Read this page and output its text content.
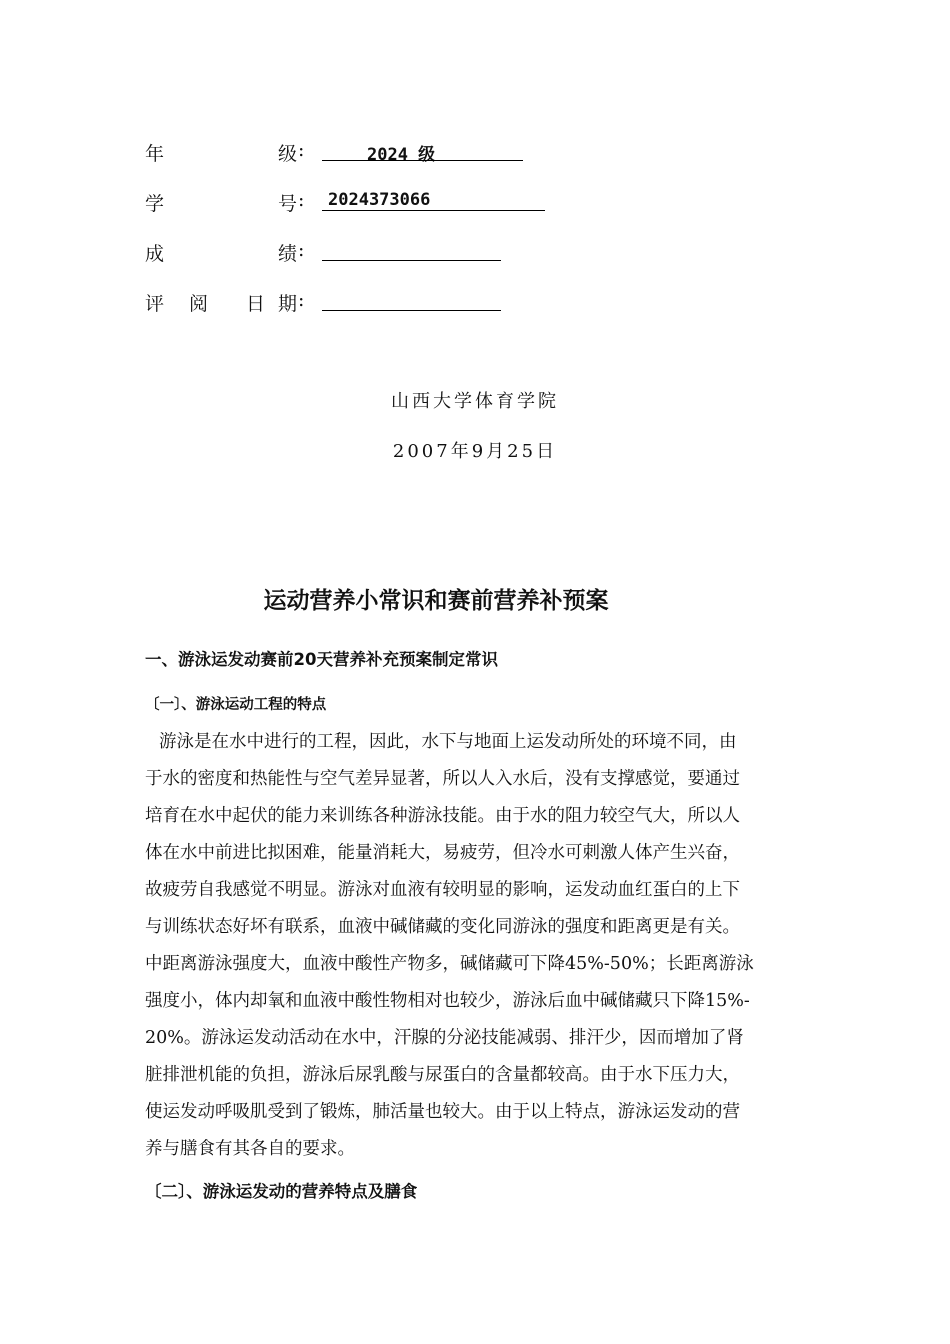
年	级 :	2024 级
学	号 : 2024373066
成	绩 :
评 阅 日 期 :
山西大学体育学院
2007年9月25日
运动营养小常识和赛前营养补预案
一、游泳运发动赛前20天营养补充预案制定常识
〔一〕、游泳运动工程的特点
游泳是在水中进行的工程，因此，水下与地面上运发动所处的环境不同，由
于水的密度和热能性与空气差异显著，所以人入水后，没有支撑感觉，要通过
培育在水中起伏的能力来训练各种游泳技能。由于水的阻力较空气大，所以人
体在水中前进比拟困难，能量消耗大，易疲劳，但冷水可刺激人体产生兴奋，
故疲劳自我感觉不明显。游泳对血液有较明显的影响，运发动血红蛋白的上下
与训练状态好坏有联系，血液中碱储藏的变化同游泳的强度和距离更是有关。
中距离游泳强度大，血液中酸性产物多，碱储藏可下降45%-50%；长距离游泳
强度小，体内却氧和血液中酸性物相对也较少，游泳后血中碱储藏只下降15%-
20%。游泳运发动活动在水中，汗腺的分泌技能减弱、排汗少，因而增加了肾
脏排泄机能的负担，游泳后尿乳酸与尿蛋白的含量都较高。由于水下压力大，
使运发动呼吸肌受到了锻炼，肺活量也较大。由于以上特点，游泳运发动的营
养与膳食有其各自的要求。
〔二〕、游泳运发动的营养特点及膳食
